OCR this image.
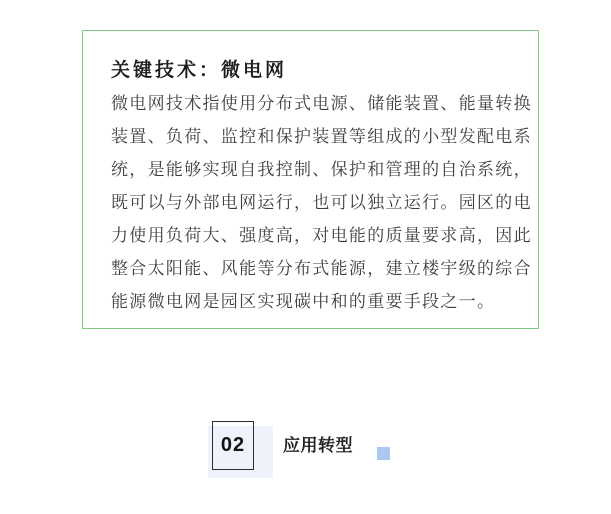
关键技术：微电网
微电网技术指使用分布式电源、储能装置、能量转换装置、负荷、监控和保护装置等组成的小型发配电系统，是能够实现自我控制、保护和管理的自治系统，既可以与外部电网运行，也可以独立运行。园区的电力使用负荷大、强度高，对电能的质量要求高，因此整合太阳能、风能等分布式能源，建立楼宇级的综合能源微电网是园区实现碳中和的重要手段之一。
02 应用转型
